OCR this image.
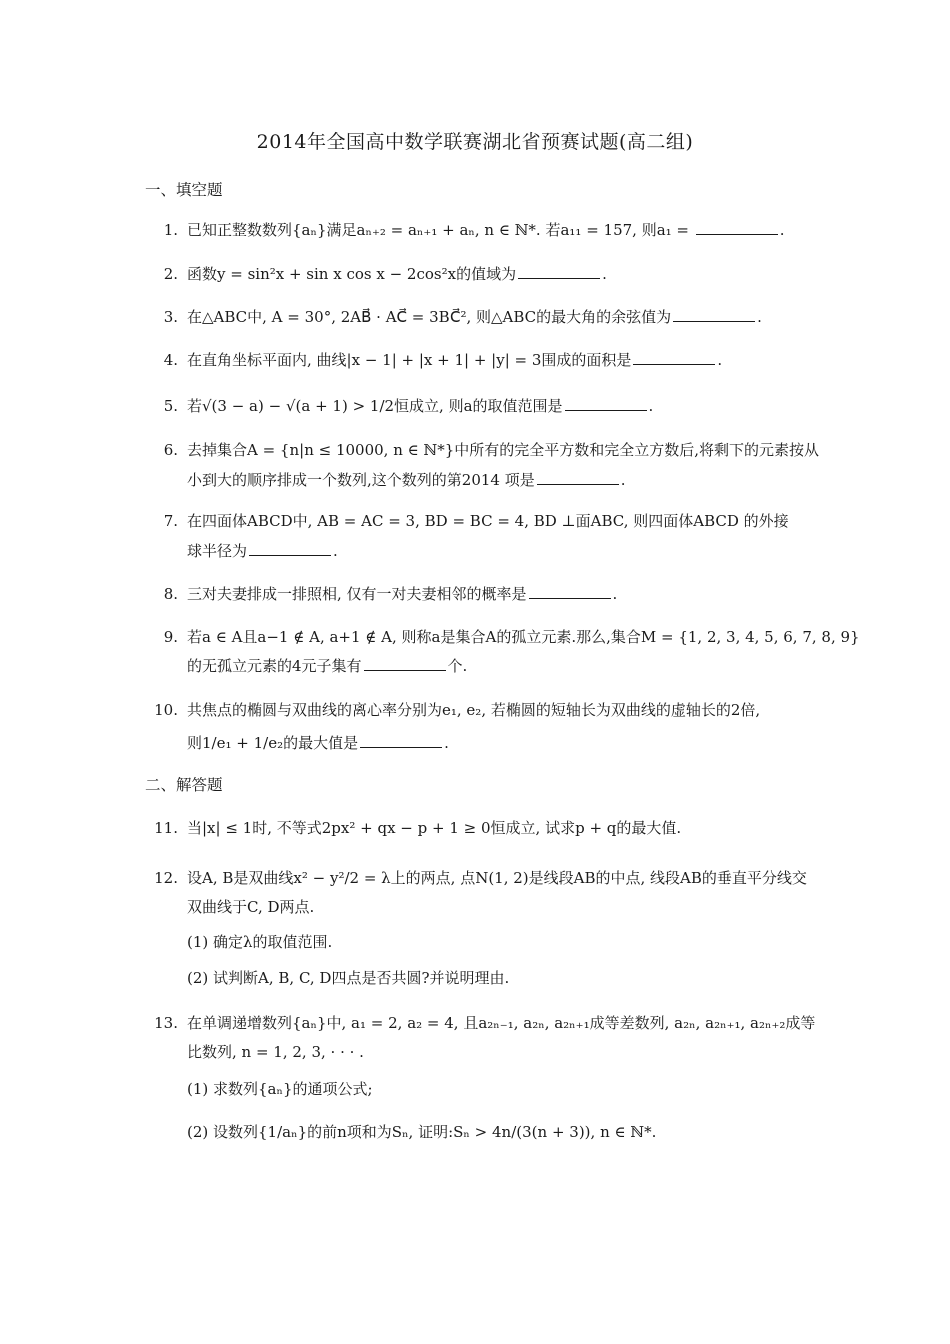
2014年全国高中数学联赛湖北省预赛试题(高二组)
一、填空题
1. 已知正整数数列{aₙ}满足aₙ₊₂ = aₙ₊₁ + aₙ, n ∈ ℕ*. 若a₁₁ = 157, 则a₁ =	.
2. 函数y = sin²x + sin x cos x − 2cos²x的值域为	.
3. 在△ABC中, A = 30°, 2AB⃗ · AC⃗ = 3BC⃗², 则△ABC的最大角的余弦值为	.
4. 在直角坐标平面内, 曲线|x − 1| + |x + 1| + |y| = 3围成的面积是	.
5. 若√(3 − a) − √(a + 1) > 1/2恒成立, 则a的取值范围是	.
6. 去掉集合A = {n|n ≤ 10000, n ∈ ℕ*}中所有的完全平方数和完全立方数后,将剩下的元素按从
小到大的顺序排成一个数列,这个数列的第2014 项是	.
7. 在四面体ABCD中, AB = AC = 3, BD = BC = 4, BD ⊥面ABC, 则四面体ABCD 的外接
球半径为	.
8. 三对夫妻排成一排照相, 仅有一对夫妻相邻的概率是	.
9. 若a ∈ A且a−1 ∉ A, a+1 ∉ A, 则称a是集合A的孤立元素.那么,集合M = {1, 2, 3, 4, 5, 6, 7, 8, 9}
的无孤立元素的4元子集有	个.
10. 共焦点的椭圆与双曲线的离心率分别为e₁, e₂, 若椭圆的短轴长为双曲线的虚轴长的2倍,
则1/e₁ + 1/e₂的最大值是	.
二、解答题
11. 当|x| ≤ 1时, 不等式2px² + qx − p + 1 ≥ 0恒成立, 试求p + q的最大值.
12. 设A, B是双曲线x² − y²/2 = λ上的两点, 点N(1, 2)是线段AB的中点, 线段AB的垂直平分线交
双曲线于C, D两点.
(1) 确定λ的取值范围.
(2) 试判断A, B, C, D四点是否共圆?并说明理由.
13. 在单调递增数列{aₙ}中, a₁ = 2, a₂ = 4, 且a₂ₙ₋₁, a₂ₙ, a₂ₙ₊₁成等差数列, a₂ₙ, a₂ₙ₊₁, a₂ₙ₊₂成等
比数列, n = 1, 2, 3, · · · .
(1) 求数列{aₙ}的通项公式;
(2) 设数列{1/aₙ}的前n项和为Sₙ, 证明:Sₙ > 4n/(3(n + 3)), n ∈ ℕ*.
